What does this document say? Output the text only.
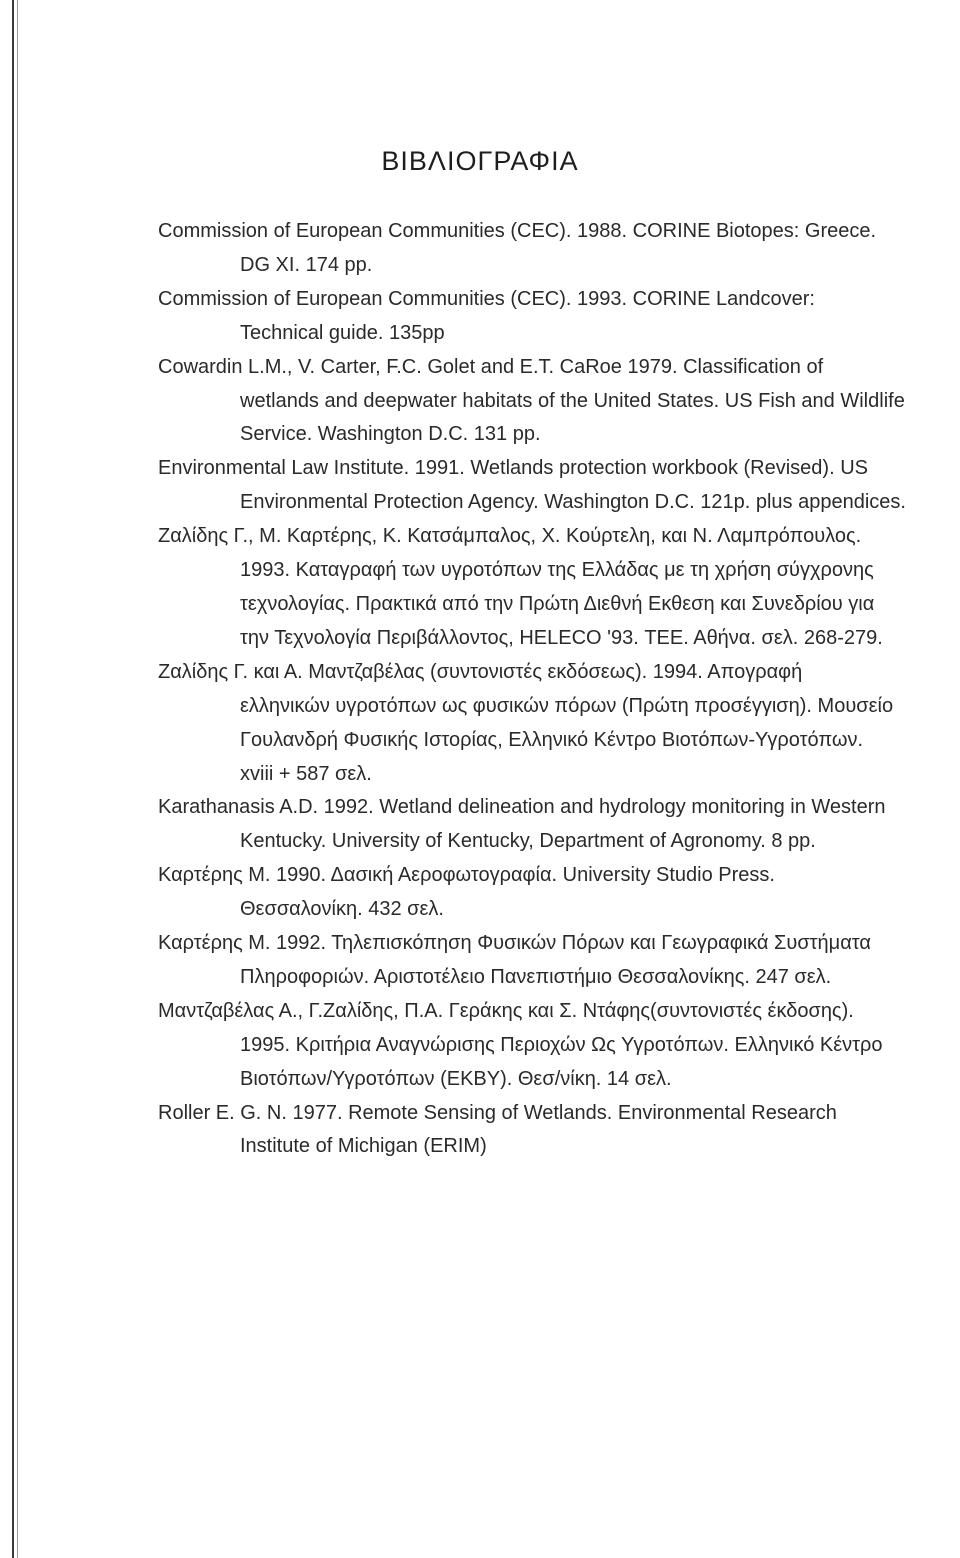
ΒΙΒΛΙΟΓΡΑΦΙΑ
Commission of European Communities (CEC). 1988. CORINE Biotopes: Greece.
DG XI. 174 pp.
Commission of European Communities (CEC). 1993. CORINE Landcover:
Technical guide. 135pp
Cowardin L.M., V. Carter, F.C. Golet and E.T. CaRoe 1979. Classification of
wetlands and deepwater habitats of the United States. US Fish and Wildlife
Service. Washington D.C. 131 pp.
Environmental Law Institute. 1991. Wetlands protection workbook (Revised). US
Environmental Protection Agency. Washington D.C. 121p. plus appendices.
Ζαλίδης Γ., Μ. Καρτέρης, Κ. Κατσάμπαλος, Χ. Κούρτελη, και Ν. Λαμπρόπουλος.
1993. Καταγραφή των υγροτόπων της Ελλάδας με τη χρήση σύγχρονης
τεχνολογίας. Πρακτικά από την Πρώτη Διεθνή Εκθεση και Συνεδρίου για
την Τεχνολογία Περιβάλλοντος, HELECO '93. ΤΕΕ. Αθήνα. σελ. 268-279.
Ζαλίδης Γ. και Α. Μαντζαβέλας (συντονιστές εκδόσεως). 1994. Απογραφή
ελληνικών υγροτόπων ως φυσικών πόρων (Πρώτη προσέγγιση). Μουσείο
Γουλανδρή Φυσικής Ιστορίας, Ελληνικό Κέντρο Βιοτόπων-Υγροτόπων.
xviii + 587 σελ.
Karathanasis A.D. 1992. Wetland delineation and hydrology monitoring in Western
Kentucky. University of Kentucky, Department of Agronomy. 8 pp.
Καρτέρης Μ. 1990. Δασική Αεροφωτογραφία. University Studio Press.
Θεσσαλονίκη. 432 σελ.
Καρτέρης Μ. 1992. Τηλεπισκόπηση Φυσικών Πόρων και Γεωγραφικά Συστήματα
Πληροφοριών. Αριστοτέλειο Πανεπιστήμιο Θεσσαλονίκης. 247 σελ.
Μαντζαβέλας Α., Γ.Ζαλίδης, Π.Α. Γεράκης και Σ. Ντάφης(συντονιστές έκδοσης).
1995. Κριτήρια Αναγνώρισης Περιοχών Ως Υγροτόπων. Ελληνικό Κέντρο
Βιοτόπων/Υγροτόπων (ΕΚΒΥ). Θεσ/νίκη. 14 σελ.
Roller E. G. N. 1977. Remote Sensing of Wetlands. Environmental Research
Institute of Michigan (ERIM)
